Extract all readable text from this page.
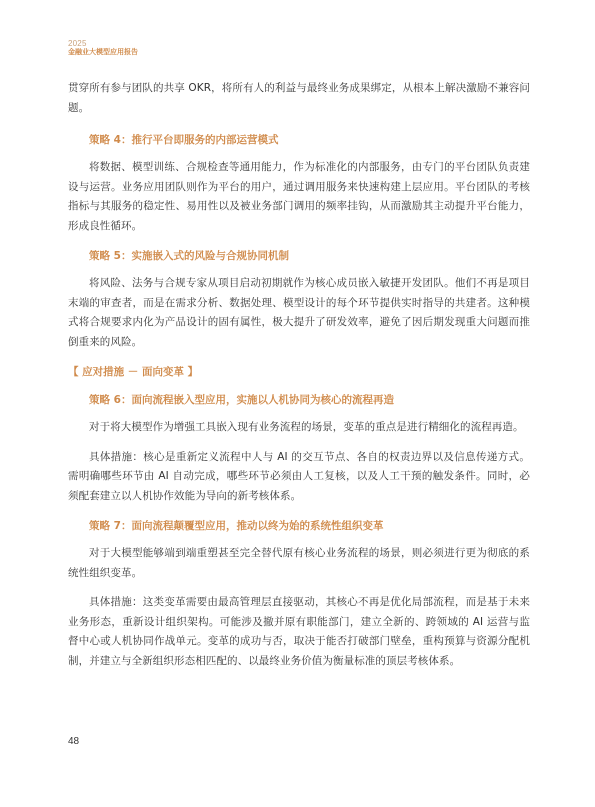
2025
金融业大模型应用报告

贯穿所有参与团队的共享 OKR，将所有人的利益与最终业务成果绑定，从根本上解决激励不兼容问题。

策略 4：推行平台即服务的内部运营模式

将数据、模型训练、合规检查等通用能力，作为标准化的内部服务，由专门的平台团队负责建设与运营。业务应用团队则作为平台的用户，通过调用服务来快速构建上层应用。平台团队的考核指标与其服务的稳定性、易用性以及被业务部门调用的频率挂钩，从而激励其主动提升平台能力，形成良性循环。

策略 5：实施嵌入式的风险与合规协同机制

将风险、法务与合规专家从项目启动初期就作为核心成员嵌入敏捷开发团队。他们不再是项目末端的审查者，而是在需求分析、数据处理、模型设计的每个环节提供实时指导的共建者。这种模式将合规要求内化为产品设计的固有属性，极大提升了研发效率，避免了因后期发现重大问题而推倒重来的风险。

【 应对措施 － 面向变革 】

策略 6：面向流程嵌入型应用，实施以人机协同为核心的流程再造

对于将大模型作为增强工具嵌入现有业务流程的场景，变革的重点是进行精细化的流程再造。

具体措施：核心是重新定义流程中人与 AI 的交互节点、各自的权责边界以及信息传递方式。需明确哪些环节由 AI 自动完成，哪些环节必须由人工复核，以及人工干预的触发条件。同时，必须配套建立以人机协作效能为导向的新考核体系。

策略 7：面向流程颠覆型应用，推动以终为始的系统性组织变革

对于大模型能够端到端重塑甚至完全替代原有核心业务流程的场景，则必须进行更为彻底的系统性组织变革。

具体措施：这类变革需要由最高管理层直接驱动，其核心不再是优化局部流程，而是基于未来业务形态，重新设计组织架构。可能涉及撤并原有职能部门，建立全新的、跨领域的 AI 运营与监督中心或人机协同作战单元。变革的成功与否，取决于能否打破部门壁垒，重构预算与资源分配机制，并建立与全新组织形态相匹配的、以最终业务价值为衡量标准的顶层考核体系。

48
